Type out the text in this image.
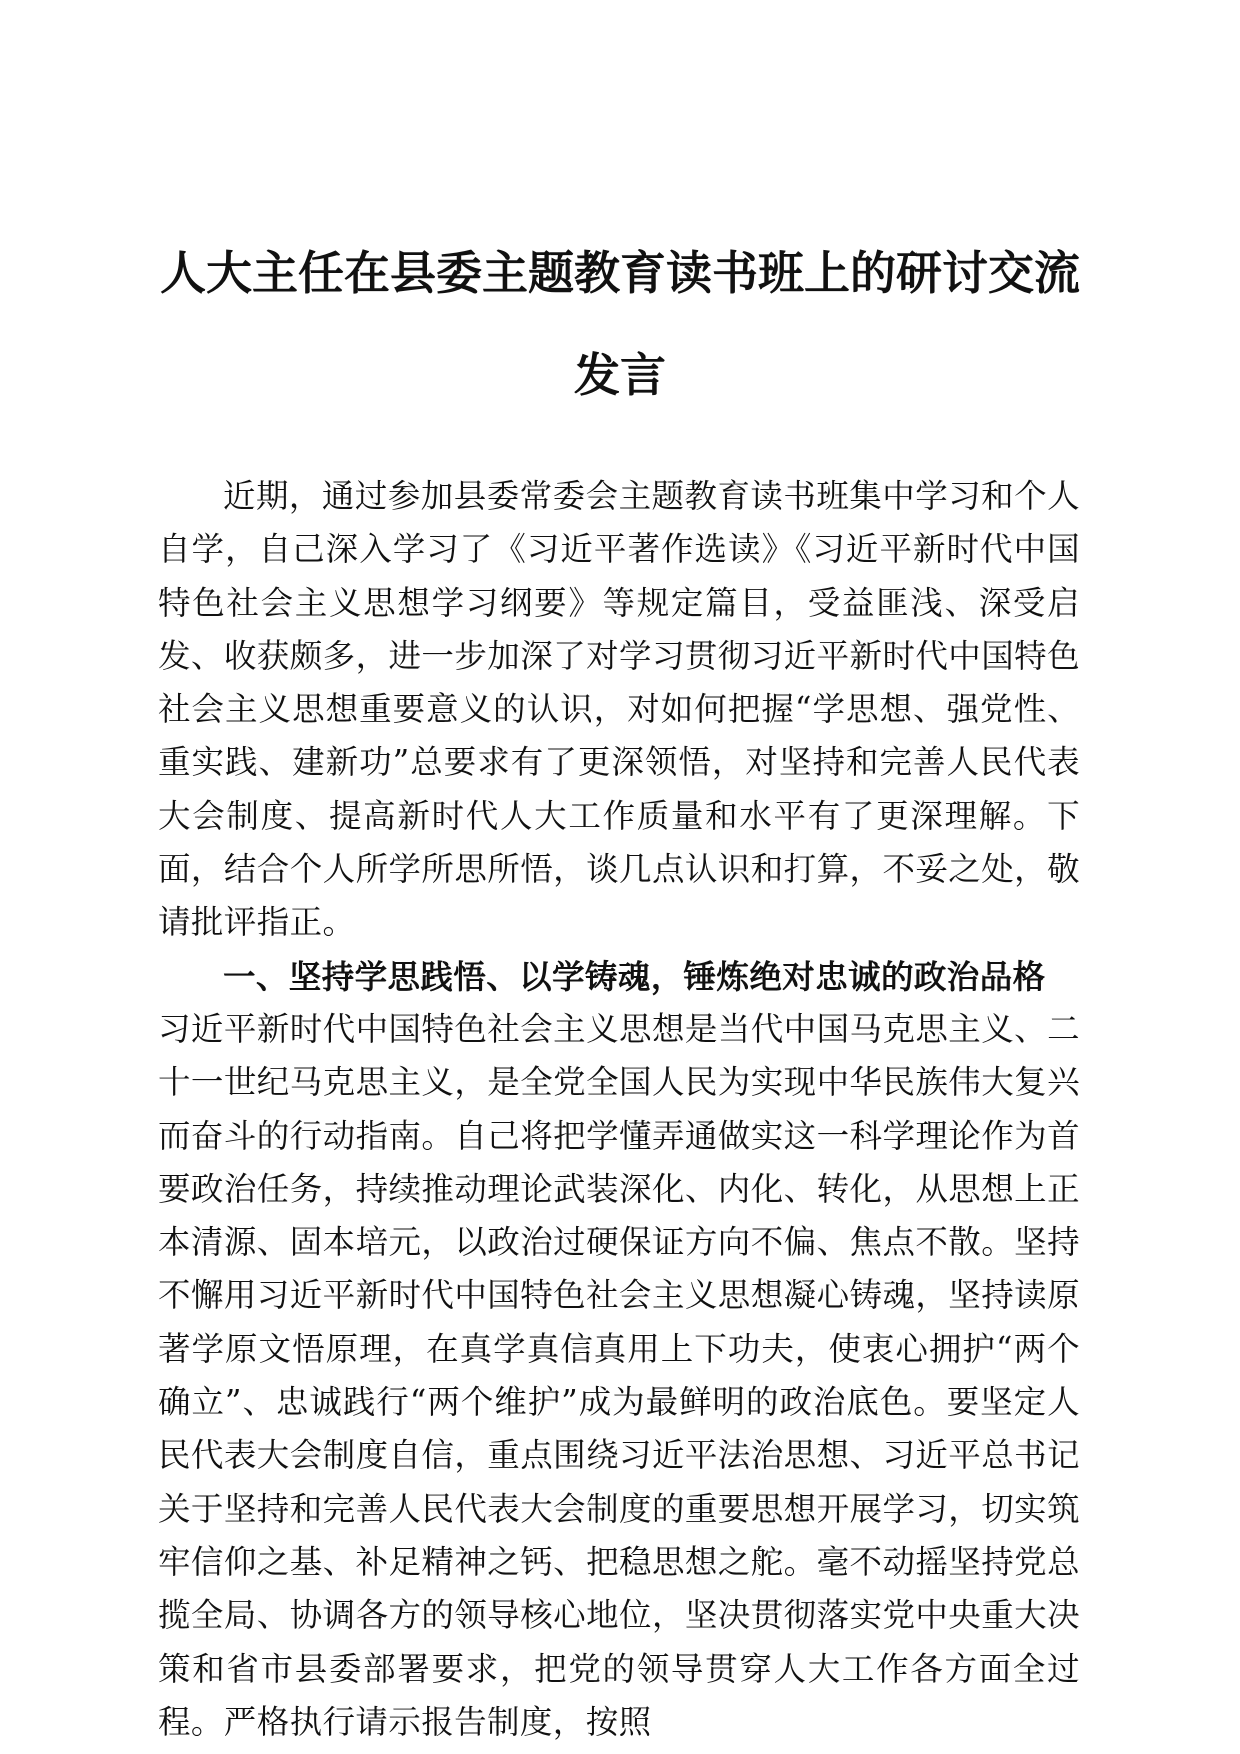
人大主任在县委主题教育读书班上的研讨交流发言

近期，通过参加县委常委会主题教育读书班集中学习和个人自学，自己深入学习了《习近平著作选读》《习近平新时代中国特色社会主义思想学习纲要》等规定篇目，受益匪浅、深受启发、收获颇多，进一步加深了对学习贯彻习近平新时代中国特色社会主义思想重要意义的认识，对如何把握“学思想、强党性、重实践、建新功”总要求有了更深领悟，对坚持和完善人民代表大会制度、提高新时代人大工作质量和水平有了更深理解。下面，结合个人所学所思所悟，谈几点认识和打算，不妥之处，敬请批评指正。

一、坚持学思践悟、以学铸魂，锤炼绝对忠诚的政治品格

习近平新时代中国特色社会主义思想是当代中国马克思主义、二十一世纪马克思主义，是全党全国人民为实现中华民族伟大复兴而奋斗的行动指南。自己将把学懂弄通做实这一科学理论作为首要政治任务，持续推动理论武装深化、内化、转化，从思想上正本清源、固本培元，以政治过硬保证方向不偏、焦点不散。坚持不懈用习近平新时代中国特色社会主义思想凝心铸魂，坚持读原著学原文悟原理，在真学真信真用上下功夫，使衷心拥护“两个确立”、忠诚践行“两个维护”成为最鲜明的政治底色。要坚定人民代表大会制度自信，重点围绕习近平法治思想、习近平总书记关于坚持和完善人民代表大会制度的重要思想开展学习，切实筑牢信仰之基、补足精神之钙、把稳思想之舵。毫不动摇坚持党总揽全局、协调各方的领导核心地位，坚决贯彻落实党中央重大决策和省市县委部署要求，把党的领导贯穿人大工作各方面全过程。严格执行请示报告制度，按照
